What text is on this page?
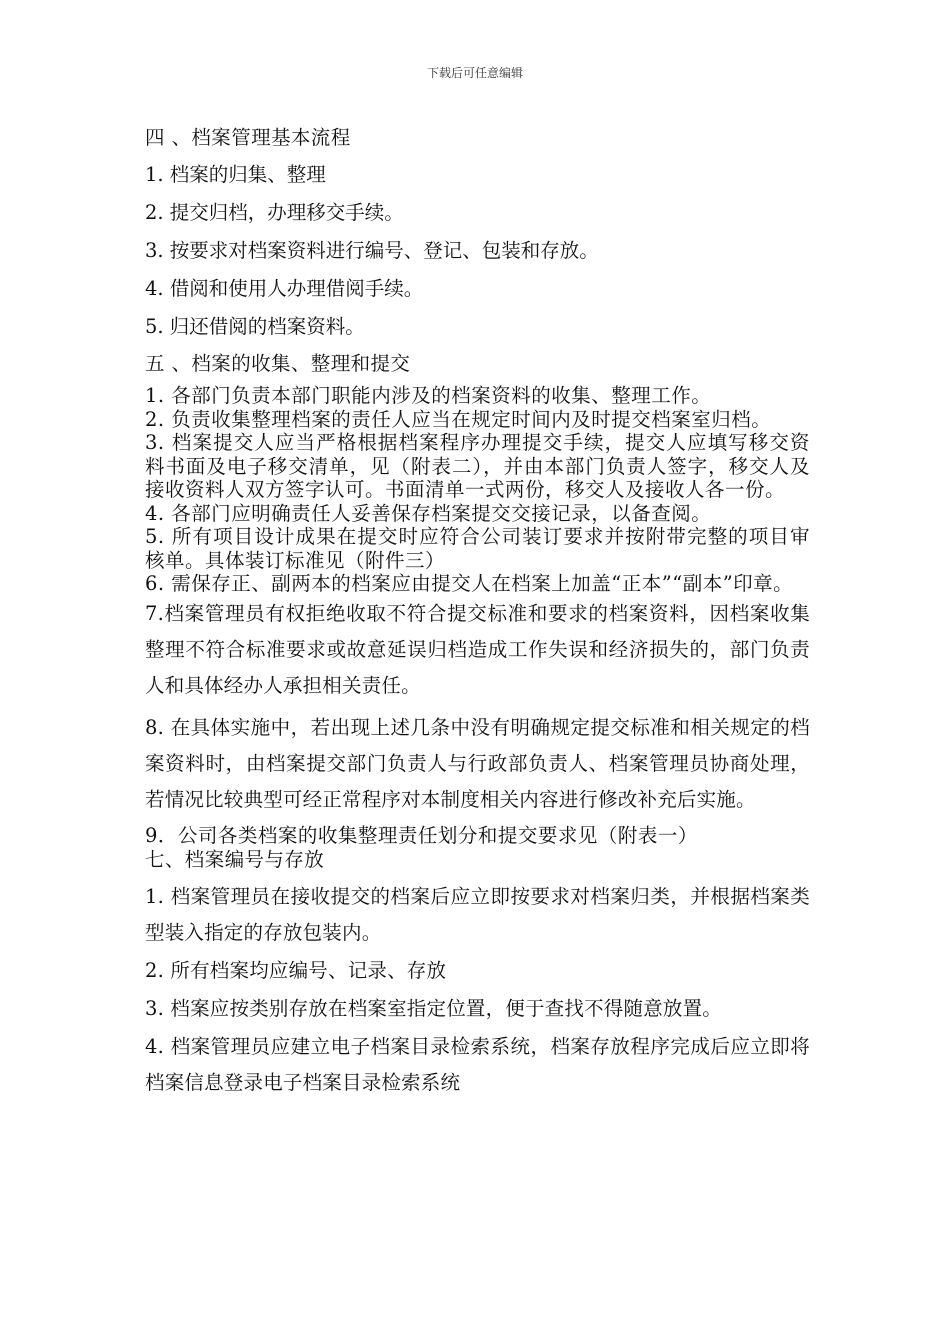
下载后可任意编辑

四 、档案管理基本流程

1. 档案的归集、整理

2. 提交归档，办理移交手续。

3. 按要求对档案资料进行编号、登记、包装和存放。

4. 借阅和使用人办理借阅手续。

5. 归还借阅的档案资料。

五 、档案的收集、整理和提交

1. 各部门负责本部门职能内涉及的档案资料的收集、整理工作。

2. 负责收集整理档案的责任人应当在规定时间内及时提交档案室归档。

3. 档案提交人应当严格根据档案程序办理提交手续，提交人应填写移交资料书面及电子移交清单，见（附表二），并由本部门负责人签字，移交人及接收资料人双方签字认可。书面清单一式两份，移交人及接收人各一份。

4. 各部门应明确责任人妥善保存档案提交交接记录，以备查阅。

5. 所有项目设计成果在提交时应符合公司装订要求并按附带完整的项目审核单。具体装订标准见（附件三）

6. 需保存正、副两本的档案应由提交人在档案上加盖“正本”“副本”印章。

7.档案管理员有权拒绝收取不符合提交标准和要求的档案资料，因档案收集整理不符合标准要求或故意延误归档造成工作失误和经济损失的，部门负责人和具体经办人承担相关责任。

8. 在具体实施中，若出现上述几条中没有明确规定提交标准和相关规定的档案资料时，由档案提交部门负责人与行政部负责人、档案管理员协商处理，若情况比较典型可经正常程序对本制度相关内容进行修改补充后实施。

9．公司各类档案的收集整理责任划分和提交要求见（附表一）

七、档案编号与存放

1. 档案管理员在接收提交的档案后应立即按要求对档案归类，并根据档案类型装入指定的存放包装内。

2. 所有档案均应编号、记录、存放

3. 档案应按类别存放在档案室指定位置，便于查找不得随意放置。

4. 档案管理员应建立电子档案目录检索系统，档案存放程序完成后应立即将档案信息登录电子档案目录检索系统
